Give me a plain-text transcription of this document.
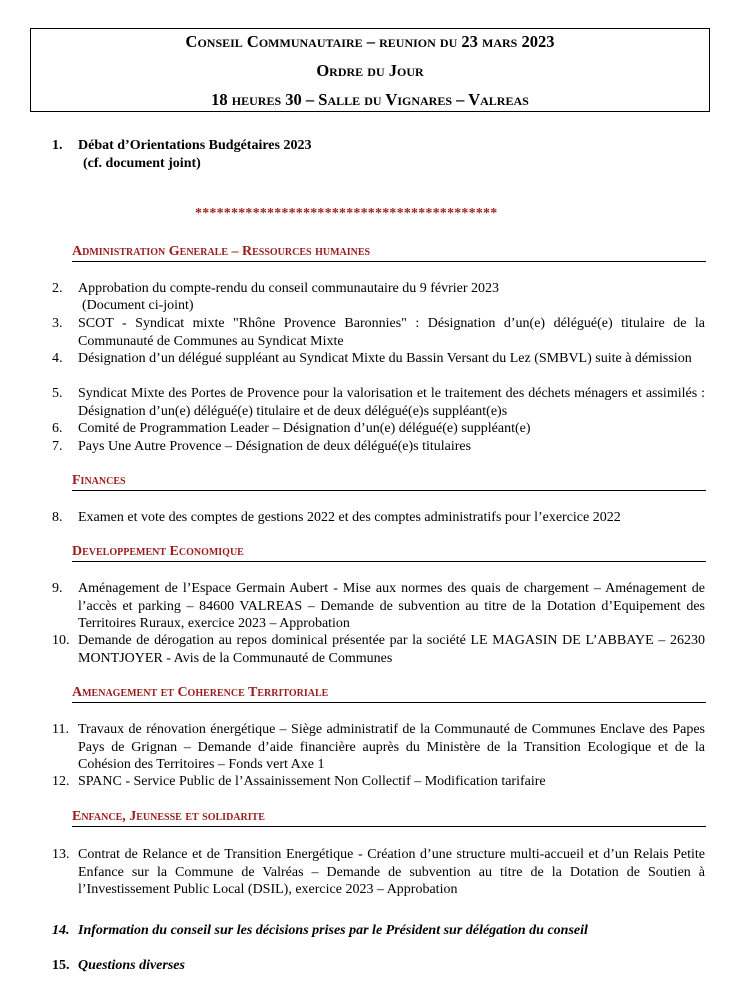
Conseil Communautaire – reunion du 23 mars 2023
Ordre du Jour
18 heures 30 – Salle du Vignares – Valreas
1. Débat d’Orientations Budgétaires 2023
(cf. document joint)
******************************************
Administration Generale – Ressources humaines
2. Approbation du compte-rendu du conseil communautaire du 9 février 2023
(Document ci-joint)
3. SCOT - Syndicat mixte "Rhône Provence Baronnies" : Désignation d’un(e) délégué(e) titulaire de la Communauté de Communes au Syndicat Mixte
4. Désignation d’un délégué suppléant au Syndicat Mixte du Bassin Versant du Lez (SMBVL) suite à démission
5. Syndicat Mixte des Portes de Provence pour la valorisation et le traitement des déchets ménagers et assimilés : Désignation d’un(e) délégué(e) titulaire et de deux délégué(e)s suppléant(e)s
6. Comité de Programmation Leader – Désignation d’un(e) délégué(e) suppléant(e)
7. Pays Une Autre Provence – Désignation de deux délégué(e)s titulaires
Finances
8. Examen et vote des comptes de gestions 2022 et des comptes administratifs pour l’exercice 2022
Developpement Economique
9. Aménagement de l’Espace Germain Aubert - Mise aux normes des quais de chargement – Aménagement de l’accès et parking – 84600 VALREAS – Demande de subvention au titre de la Dotation d’Equipement des Territoires Ruraux, exercice 2023 – Approbation
10. Demande de dérogation au repos dominical présentée par la société LE MAGASIN DE L’ABBAYE – 26230 MONTJOYER - Avis de la Communauté de Communes
Amenagement et Coherence Territoriale
11. Travaux de rénovation énergétique – Siège administratif de la Communauté de Communes Enclave des Papes Pays de Grignan – Demande d’aide financière auprès du Ministère de la Transition Ecologique et de la Cohésion des Territoires – Fonds vert Axe 1
12. SPANC - Service Public de l’Assainissement Non Collectif – Modification tarifaire
Enfance, Jeunesse et solidarite
13. Contrat de Relance et de Transition Energétique - Création d’une structure multi-accueil et d’un Relais Petite Enfance sur la Commune de Valréas – Demande de subvention au titre de la Dotation de Soutien à l’Investissement Public Local (DSIL), exercice 2023 – Approbation
14. Information du conseil sur les décisions prises par le Président sur délégation du conseil
15. Questions diverses
